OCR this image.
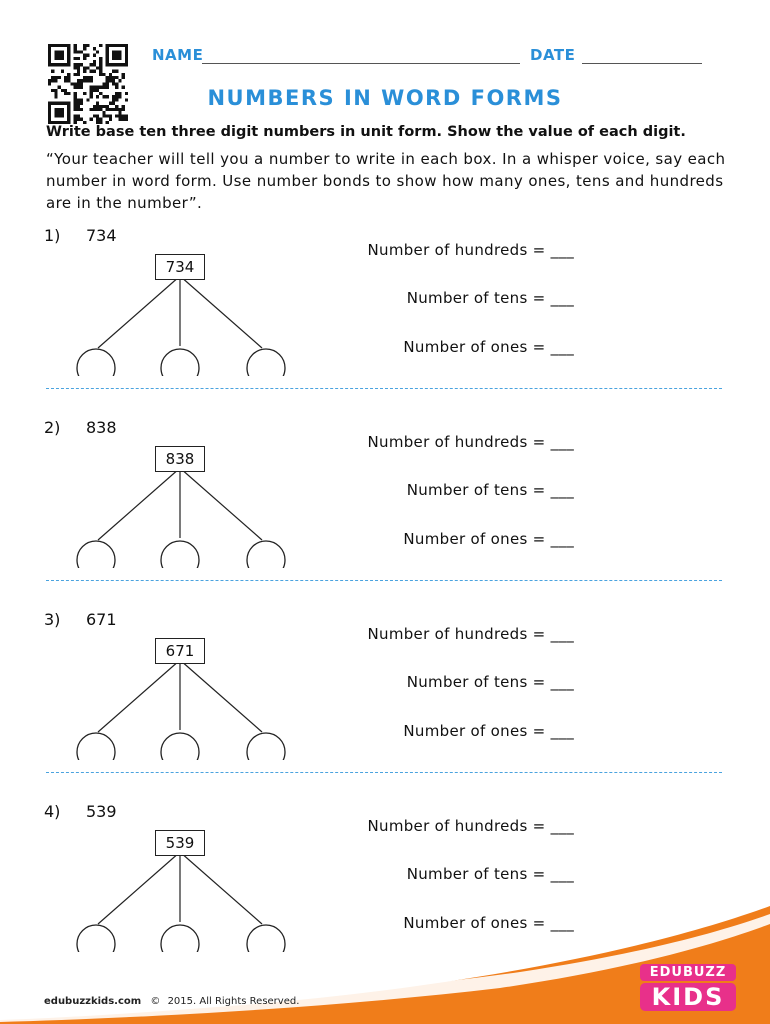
NAME	DATE
NUMBERS IN WORD FORMS
Write base ten three digit numbers in unit form. Show the value of each digit.
“Your teacher will tell you a number to write in each box. In a whisper voice, say each number in word form. Use number bonds to show how many ones, tens and hundreds are in the number”.
1) 734
734
Number of hundreds = ___
Number of tens = ___
Number of ones = ___
2) 838
838
Number of hundreds = ___
Number of tens = ___
Number of ones = ___
3) 671
671
Number of hundreds = ___
Number of tens = ___
Number of ones = ___
4) 539
539
Number of hundreds = ___
Number of tens = ___
Number of ones = ___
edubuzzkids.com © 2015. All Rights Reserved.
EDUBUZZ
KIDS
